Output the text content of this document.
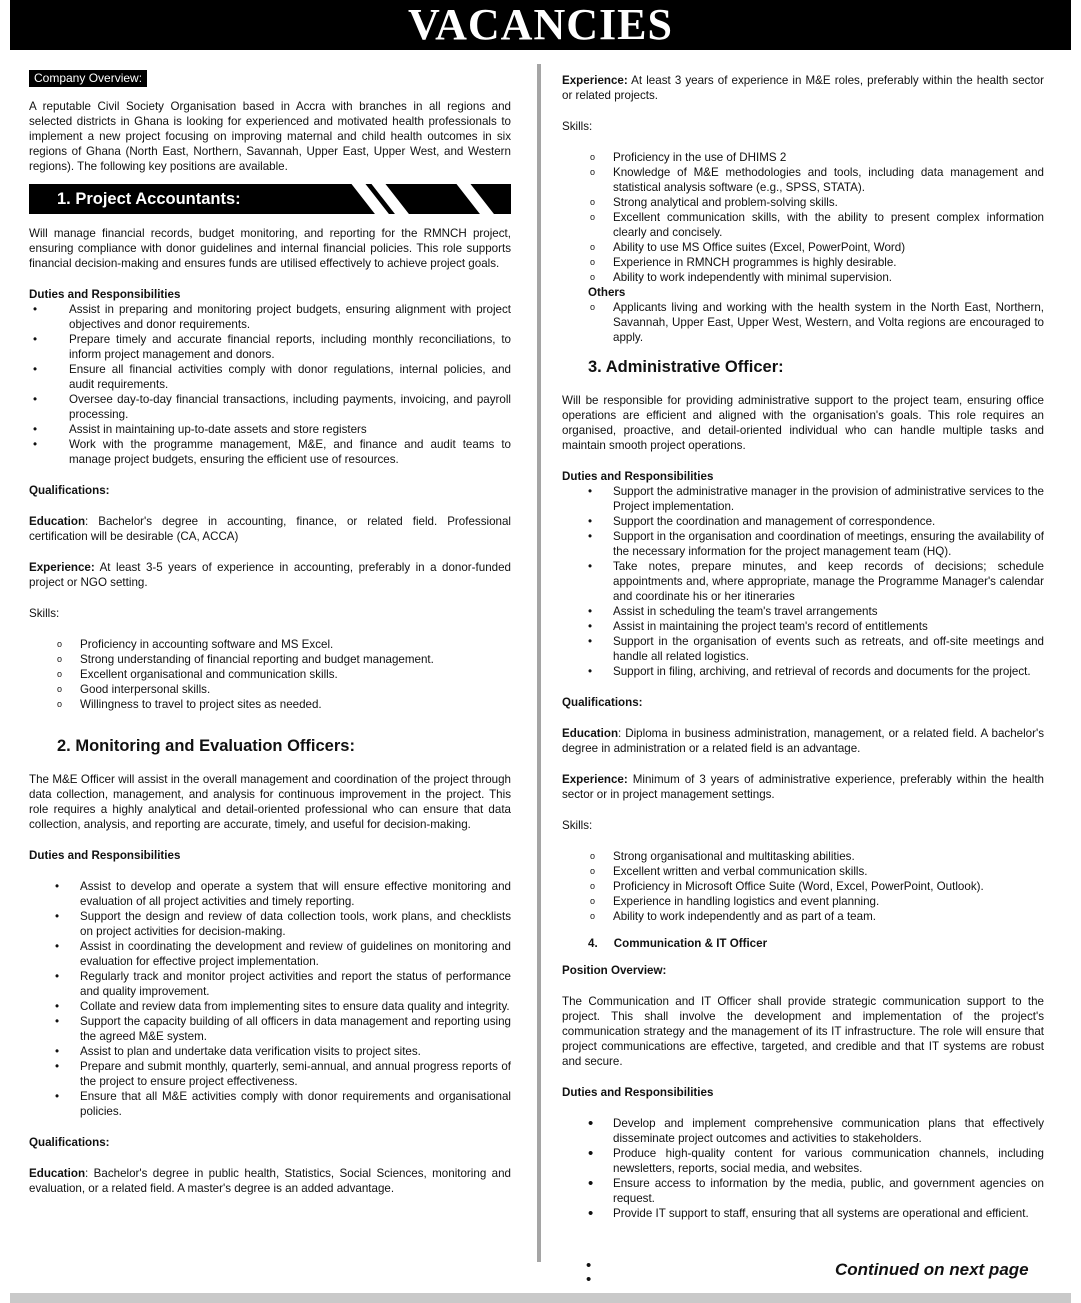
VACANCIES
Company Overview:

A reputable Civil Society Organisation based in Accra with branches in all regions and selected districts in Ghana is looking for experienced and motivated health professionals to implement a new project focusing on improving maternal and child health outcomes in six regions of Ghana (North East, Northern, Savannah, Upper East, Upper West, and Western regions). The following key positions are available.

1. Project Accountants:

Will manage financial records, budget monitoring, and reporting for the RMNCH project, ensuring compliance with donor guidelines and internal financial policies. This role supports financial decision-making and ensures funds are utilised effectively to achieve project goals.

Duties and Responsibilities
•	Assist in preparing and monitoring project budgets, ensuring alignment with project objectives and donor requirements.
•	Prepare timely and accurate financial reports, including monthly reconciliations, to inform project management and donors.
•	Ensure all financial activities comply with donor regulations, internal policies, and audit requirements.
•	Oversee day-to-day financial transactions, including payments, invoicing, and payroll processing.
•	Assist in maintaining up-to-date assets and store registers
•	Work with the programme management, M&E, and finance and audit teams to manage project budgets, ensuring the efficient use of resources.
Qualifications:

Education: Bachelor's degree in accounting, finance, or related field. Professional certification will be desirable (CA, ACCA)

Experience: At least 3-5 years of experience in accounting, preferably in a donor-funded project or NGO setting.

Skills:
o Proficiency in accounting software and MS Excel.
o Strong understanding of financial reporting and budget management.
o Excellent organisational and communication skills.
o Good interpersonal skills.
o Willingness to travel to project sites as needed.
2. Monitoring and Evaluation Officers:

The M&E Officer will assist in the overall management and coordination of the project through data collection, management, and analysis for continuous improvement in the project. This role requires a highly analytical and detail-oriented professional who can ensure that data collection, analysis, and reporting are accurate, timely, and useful for decision-making.

Duties and Responsibilities
• Assist to develop and operate a system that will ensure effective monitoring and evaluation of all project activities and timely reporting.
• Support the design and review of data collection tools, work plans, and checklists on project activities for decision-making.
• Assist in coordinating the development and review of guidelines on monitoring and evaluation for effective project implementation.
• Regularly track and monitor project activities and report the status of performance and quality improvement.
• Collate and review data from implementing sites to ensure data quality and integrity.
• Support the capacity building of all officers in data management and reporting using the agreed M&E system.
• Assist to plan and undertake data verification visits to project sites.
• Prepare and submit monthly, quarterly, semi-annual, and annual progress reports of the project to ensure project effectiveness.
• Ensure that all M&E activities comply with donor requirements and organisational policies.
Qualifications:

Education: Bachelor's degree in public health, Statistics, Social Sciences, monitoring and evaluation, or a related field. A master's degree is an added advantage.

Experience: At least 3 years of experience in M&E roles, preferably within the health sector or related projects.

Skills:
o Proficiency in the use of DHIMS 2
o Knowledge of M&E methodologies and tools, including data management and statistical analysis software (e.g., SPSS, STATA).
o Strong analytical and problem-solving skills.
o Excellent communication skills, with the ability to present complex information clearly and concisely.
o Ability to use MS Office suites (Excel, PowerPoint, Word)
o Experience in RMNCH programmes is highly desirable.
o Ability to work independently with minimal supervision.
Others
o Applicants living and working with the health system in the North East, Northern, Savannah, Upper East, Upper West, Western, and Volta regions are encouraged to apply.
3. Administrative Officer:

Will be responsible for providing administrative support to the project team, ensuring office operations are efficient and aligned with the organisation's goals. This role requires an organised, proactive, and detail-oriented individual who can handle multiple tasks and maintain smooth project operations.

Duties and Responsibilities
• Support the administrative manager in the provision of administrative services to the Project implementation.
• Support the coordination and management of correspondence.
• Support in the organisation and coordination of meetings, ensuring the availability of the necessary information for the project management team (HQ).
• Take notes, prepare minutes, and keep records of decisions; schedule appointments and, where appropriate, manage the Programme Manager's calendar and coordinate his or her itineraries
• Assist in scheduling the team's travel arrangements
• Assist in maintaining the project team's record of entitlements
• Support in the organisation of events such as retreats, and off-site meetings and handle all related logistics.
• Support in filing, archiving, and retrieval of records and documents for the project.
Qualifications:

Education: Diploma in business administration, management, or a related field. A bachelor's degree in administration or a related field is an advantage.

Experience: Minimum of 3 years of administrative experience, preferably within the health sector or in project management settings.

Skills:
o Strong organisational and multitasking abilities.
o Excellent written and verbal communication skills.
o Proficiency in Microsoft Office Suite (Word, Excel, PowerPoint, Outlook).
o Experience in handling logistics and event planning.
o Ability to work independently and as part of a team.
4.     Communication & IT Officer
Position Overview:

The Communication and IT Officer shall provide strategic communication support to the project. This shall involve the development and implementation of the project's communication strategy and the management of its IT infrastructure. The role will ensure that project communications are effective, targeted, and credible and that IT systems are robust and secure.

Duties and Responsibilities
• Develop and implement comprehensive communication plans that effectively disseminate project outcomes and activities to stakeholders.
• Produce high-quality content for various communication channels, including newsletters, reports, social media, and websites.
• Ensure access to information by the media, public, and government agencies on request.
• Provide IT support to staff, ensuring that all systems are operational and efficient.
•
•
Continued on next page
